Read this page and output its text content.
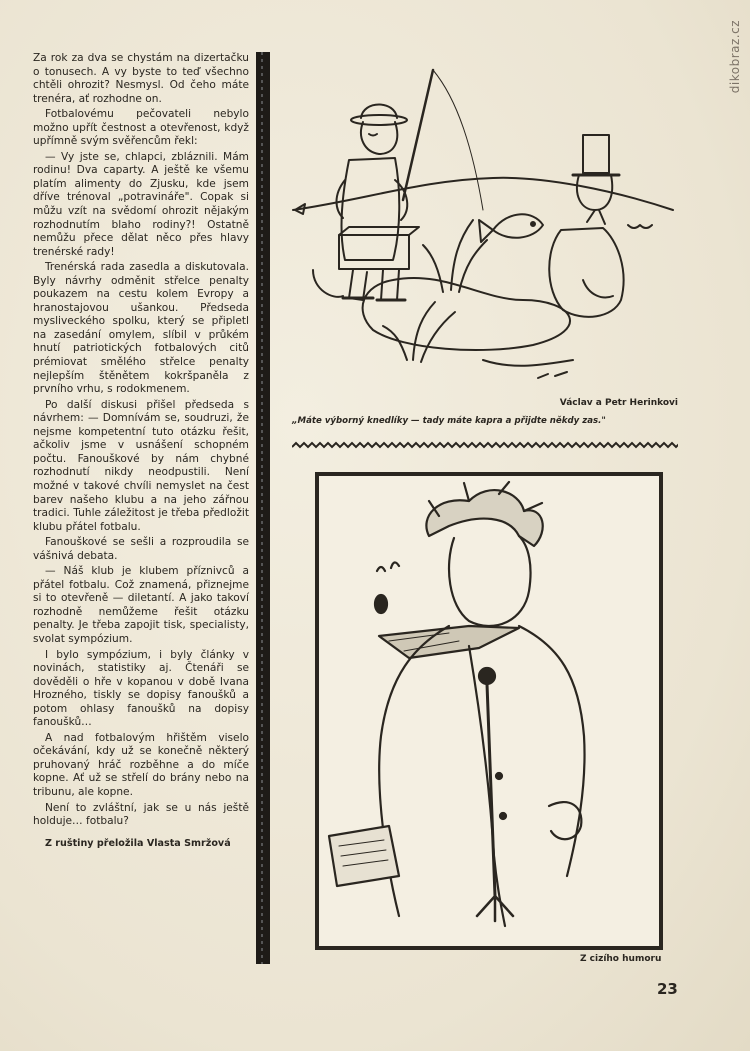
dikobraz.cz

Za rok za dva se chystám na dizertačku o tonusech. A vy byste to teď všechno chtěli ohrozit? Nesmysl. Od čeho máte trenéra, ať rozhodne on.

Fotbalovému pečovateli nebylo možno upřít čestnost a otevřenost, když upřímně svým svěřencům řekl:

— Vy jste se, chlapci, zbláznili. Mám rodinu! Dva caparty. A ještě ke všemu platím alimenty do Zjusku, kde jsem dříve trénoval „potravináře". Copak si můžu vzít na svědomí ohrozit nějakým rozhodnutím blaho rodiny?! Ostatně nemůžu přece dělat něco přes hlavy trenérské rady!

Trenérská rada zasedla a diskutovala. Byly návrhy odměnit střelce penalty poukazem na cestu kolem Evropy a hranostajovou ušankou. Předseda mysliveckého spolku, který se připletl na zasedání omylem, slíbil v průkém hnutí patriotických fotbalových citů prémiovat smělého střelce penalty nejlepším štěnětem kokršpaněla z prvního vrhu, s rodokmenem.

Po další diskusi přišel předseda s návrhem: — Domnívám se, soudruzi, že nejsme kompetentní tuto otázku řešit, ačkoliv jsme v usnášení schopném počtu. Fanouškové by nám chybné rozhodnutí nikdy neodpustili. Není možné v takové chvíli nemyslet na čest barev našeho klubu a na jeho zářnou tradici. Tuhle záležitost je třeba předložit klubu přátel fotbalu.

Fanouškové se sešli a rozproudila se vášnivá debata.

— Náš klub je klubem příznivců a přátel fotbalu. Což znamená, přiznejme si to otevřeně — diletantí. A jako takoví rozhodně nemůžeme řešit otázku penalty. Je třeba zapojit tisk, specialisty, svolat sympózium.

I bylo sympózium, i byly články v novinách, statistiky aj. Čtenáři se dověděli o hře v kopanou v době Ivana Hrozného, tiskly se dopisy fanoušků a potom ohlasy fanoušků na dopisy fanoušků…

A nad fotbalovým hřištěm viselo očekávání, kdy už se konečně některý pruhovaný hráč rozběhne a do míče kopne. Ať už se střelí do brány nebo na tribunu, ale kopne.

Není to zvláštní, jak se u nás ještě holduje… fotbalu?

Z ruštiny přeložila Vlasta Smržová
Václav a Petr Herinkovi
„Máte výborný knedlíky — tady máte kapra a přijdte někdy zas."
Z cizího humoru
23
